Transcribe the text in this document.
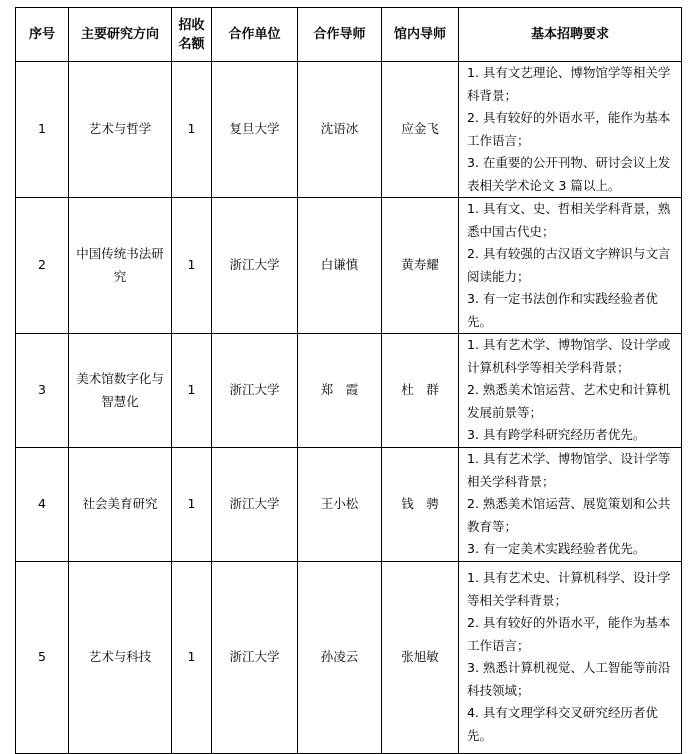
序号	主要研究方向	招收
名额	合作单位	合作导师	馆内导师	基本招聘要求
1	艺术与哲学	1	复旦大学	沈语冰	应金飞	1. 具有文艺理论、博物馆学等相关学科背景；
2. 具有较好的外语水平，能作为基本工作语言；
3. 在重要的公开刊物、研讨会议上发表相关学术论文 3 篇以上。

2	中国传统书法研究	1	浙江大学	白谦慎	黄寿耀	1. 具有文、史、哲相关学科背景，熟悉中国古代史；
2. 具有较强的古汉语文字辨识与文言阅读能力；
3. 有一定书法创作和实践经验者优先。

3	美术馆数字化与智慧化	1	浙江大学	郑　霞	杜　群	1. 具有艺术学、博物馆学、设计学或计算机科学等相关学科背景；
2. 熟悉美术馆运营、艺术史和计算机发展前景等；
3. 具有跨学科研究经历者优先。

4	社会美育研究	1	浙江大学	王小松	钱　骋	1. 具有艺术学、博物馆学、设计学等相关学科背景；
2. 熟悉美术馆运营、展览策划和公共教育等；
3. 有一定美术实践经验者优先。

5	艺术与科技	1	浙江大学	孙凌云	张旭敏	1. 具有艺术史、计算机科学、设计学等相关学科背景；
2. 具有较好的外语水平，能作为基本工作语言；
3. 熟悉计算机视觉、人工智能等前沿科技领域；
4. 具有文理学科交叉研究经历者优先。
